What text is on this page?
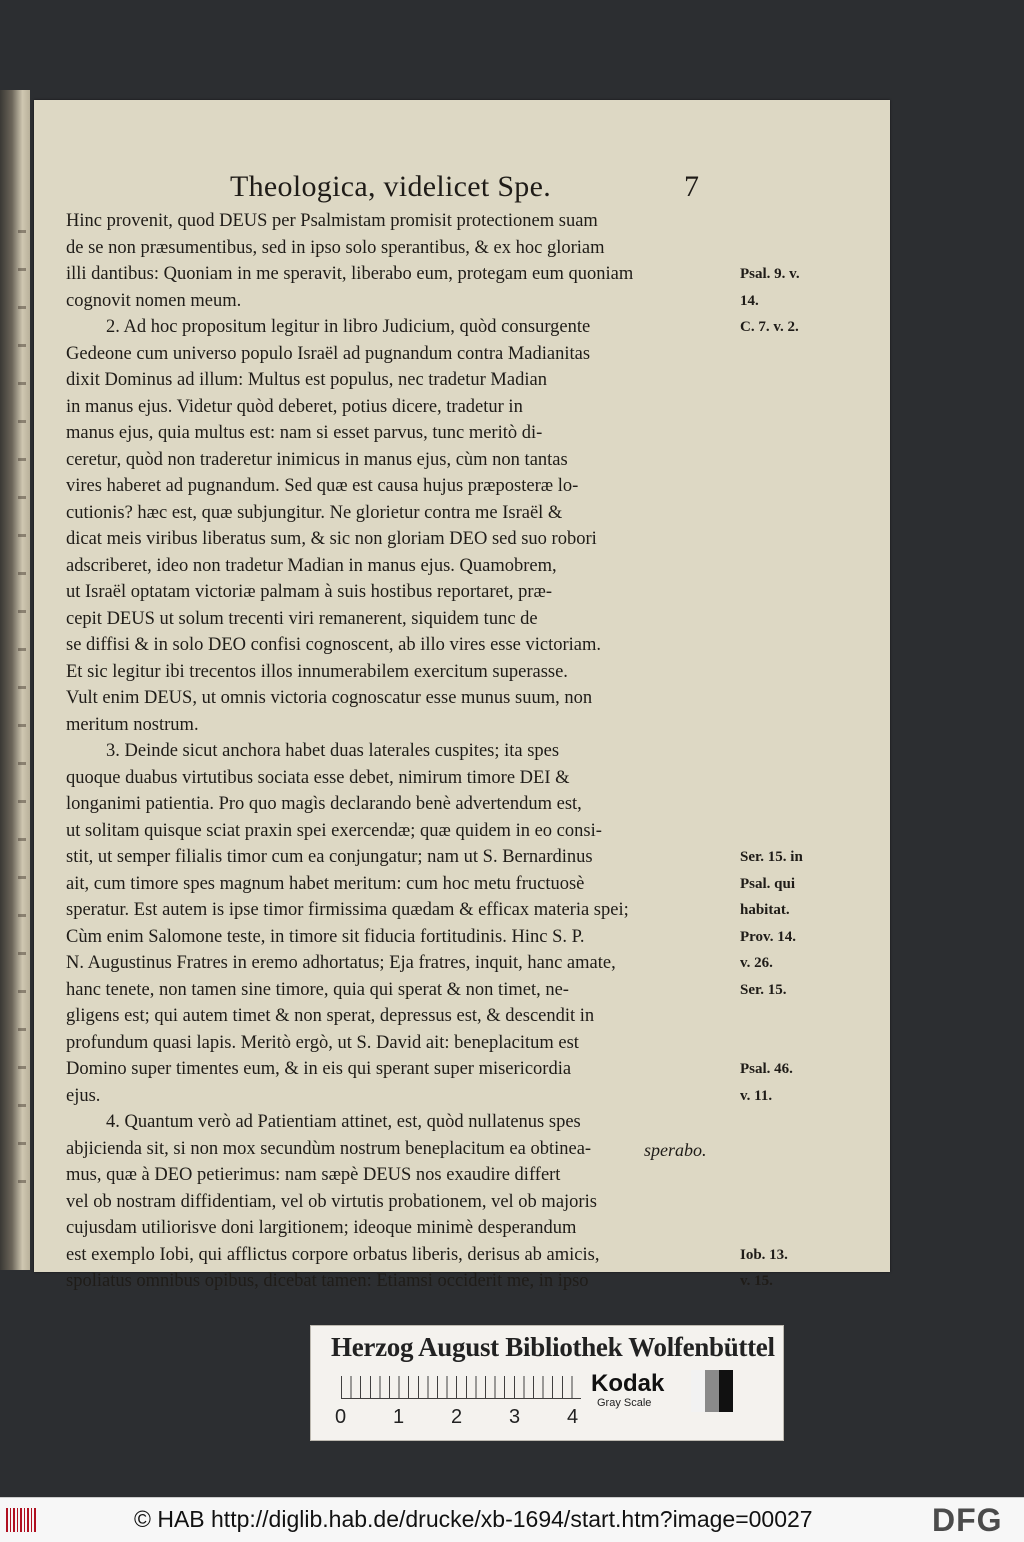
Theologica, videlicet Spe.	7
Hinc provenit, quod DEUS per Psalmistam promisit protectionem suam
de se non præsumentibus, sed in ipso solo sperantibus, & ex hoc gloriam
illi dantibus: Quoniam in me speravit, liberabo eum, protegam eum quoniam
cognovit nomen meum.
2. Ad hoc propositum legitur in libro Judicium, quòd consurgente
Gedeone cum universo populo Israël ad pugnandum contra Madianitas
dixit Dominus ad illum: Multus est populus, nec tradetur Madian
in manus ejus. Videtur quòd deberet, potius dicere, tradetur in
manus ejus, quia multus est: nam si esset parvus, tunc meritò di-
ceretur, quòd non traderetur inimicus in manus ejus, cùm non tantas
vires haberet ad pugnandum. Sed quæ est causa hujus præposteræ lo-
cutionis? hæc est, quæ subjungitur. Ne glorietur contra me Israël &
dicat meis viribus liberatus sum, & sic non gloriam DEO sed suo robori
adscriberet, ideo non tradetur Madian in manus ejus. Quamobrem,
ut Israël optatam victoriæ palmam à suis hostibus reportaret, præ-
cepit DEUS ut solum trecenti viri remanerent, siquidem tunc de
se diffisi & in solo DEO confisi cognoscent, ab illo vires esse victoriam.
Et sic legitur ibi trecentos illos innumerabilem exercitum superasse.
Vult enim DEUS, ut omnis victoria cognoscatur esse munus suum, non
meritum nostrum.
3. Deinde sicut anchora habet duas laterales cuspites; ita spes
quoque duabus virtutibus sociata esse debet, nimirum timore DEI &
longanimi patientia. Pro quo magìs declarando benè advertendum est,
ut solitam quisque sciat praxin spei exercendæ; quæ quidem in eo consi-
stit, ut semper filialis timor cum ea conjungatur; nam ut S. Bernardinus
ait, cum timore spes magnum habet meritum: cum hoc metu fructuosè
speratur. Est autem is ipse timor firmissima quædam & efficax materia spei;
Cùm enim Salomone teste, in timore sit fiducia fortitudinis. Hinc S. P.
N. Augustinus Fratres in eremo adhortatus; Eja fratres, inquit, hanc amate,
hanc tenete, non tamen sine timore, quia qui sperat & non timet, ne-
gligens est; qui autem timet & non sperat, depressus est, & descendit in
profundum quasi lapis. Meritò ergò, ut S. David ait: beneplacitum est
Domino super timentes eum, & in eis qui sperant super misericordia
ejus.
4. Quantum verò ad Patientiam attinet, est, quòd nullatenus spes
abjicienda sit, si non mox secundùm nostrum beneplacitum ea obtinea-
mus, quæ à DEO petierimus: nam sæpè DEUS nos exaudire differt
vel ob nostram diffidentiam, vel ob virtutis probationem, vel ob majoris
cujusdam utiliorisve doni largitionem; ideoque minimè desperandum
est exemplo Iobi, qui afflictus corpore orbatus liberis, derisus ab amicis,
spoliatus omnibus opibus, dicebat tamen: Etiamsi occiderit me, in ipso
Psal. 9. v.
14.
C. 7. v. 2.
Ser. 15. in
Psal. qui
habitat.
Prov. 14.
v. 26.
Ser. 15.
Psal. 46.
v. 11.
Iob. 13.
v. 15.
sperabo.
Herzog August Bibliothek Wolfenbüttel
0 1 2 3 4
Kodak
Gray Scale
© HAB http://diglib.hab.de/drucke/xb-1694/start.htm?image=00027	DFG
